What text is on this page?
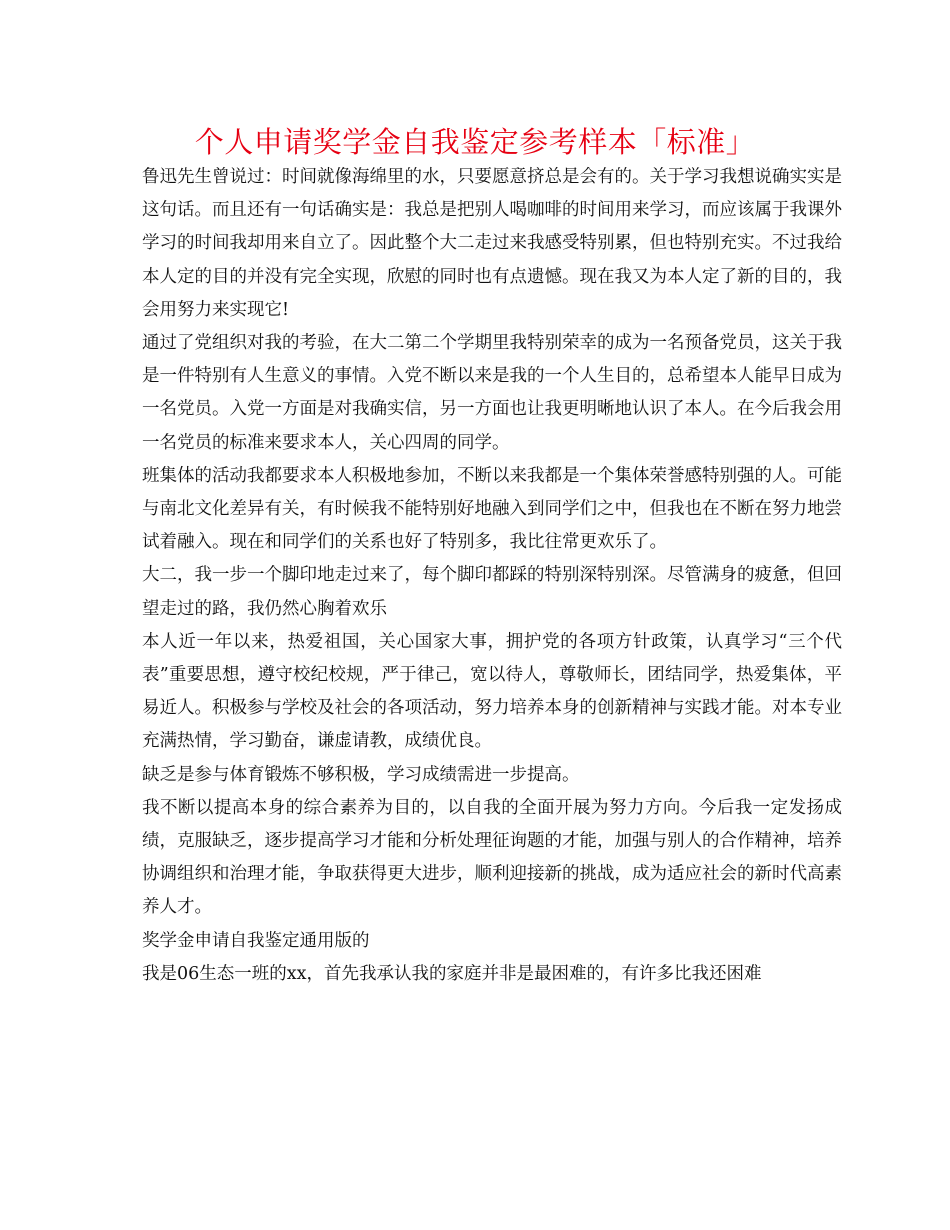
个人申请奖学金自我鉴定参考样本「标准」

鲁迅先生曾说过：时间就像海绵里的水，只要愿意挤总是会有的。关于学习我想说确实实是这句话。而且还有一句话确实是：我总是把别人喝咖啡的时间用来学习，而应该属于我课外学习的时间我却用来自立了。因此整个大二走过来我感受特别累，但也特别充实。不过我给本人定的目的并没有完全实现，欣慰的同时也有点遗憾。现在我又为本人定了新的目的，我会用努力来实现它!

通过了党组织对我的考验，在大二第二个学期里我特别荣幸的成为一名预备党员，这关于我是一件特别有人生意义的事情。入党不断以来是我的一个人生目的，总希望本人能早日成为一名党员。入党一方面是对我确实信，另一方面也让我更明晰地认识了本人。在今后我会用一名党员的标准来要求本人，关心四周的同学。

班集体的活动我都要求本人积极地参加，不断以来我都是一个集体荣誉感特别强的人。可能与南北文化差异有关，有时候我不能特别好地融入到同学们之中，但我也在不断在努力地尝试着融入。现在和同学们的关系也好了特别多，我比往常更欢乐了。

大二，我一步一个脚印地走过来了，每个脚印都踩的特别深特别深。尽管满身的疲惫，但回望走过的路，我仍然心胸着欢乐

本人近一年以来，热爱祖国，关心国家大事，拥护党的各项方针政策，认真学习“三个代表”重要思想，遵守校纪校规，严于律己，宽以待人，尊敬师长，团结同学，热爱集体，平易近人。积极参与学校及社会的各项活动，努力培养本身的创新精神与实践才能。对本专业充满热情，学习勤奋，谦虚请教，成绩优良。

缺乏是参与体育锻炼不够积极，学习成绩需进一步提高。

我不断以提高本身的综合素养为目的，以自我的全面开展为努力方向。今后我一定发扬成绩，克服缺乏，逐步提高学习才能和分析处理征询题的才能，加强与别人的合作精神，培养协调组织和治理才能，争取获得更大进步，顺利迎接新的挑战，成为适应社会的新时代高素养人才。

奖学金申请自我鉴定通用版的

我是06生态一班的xx，首先我承认我的家庭并非是最困难的，有许多比我还困难
